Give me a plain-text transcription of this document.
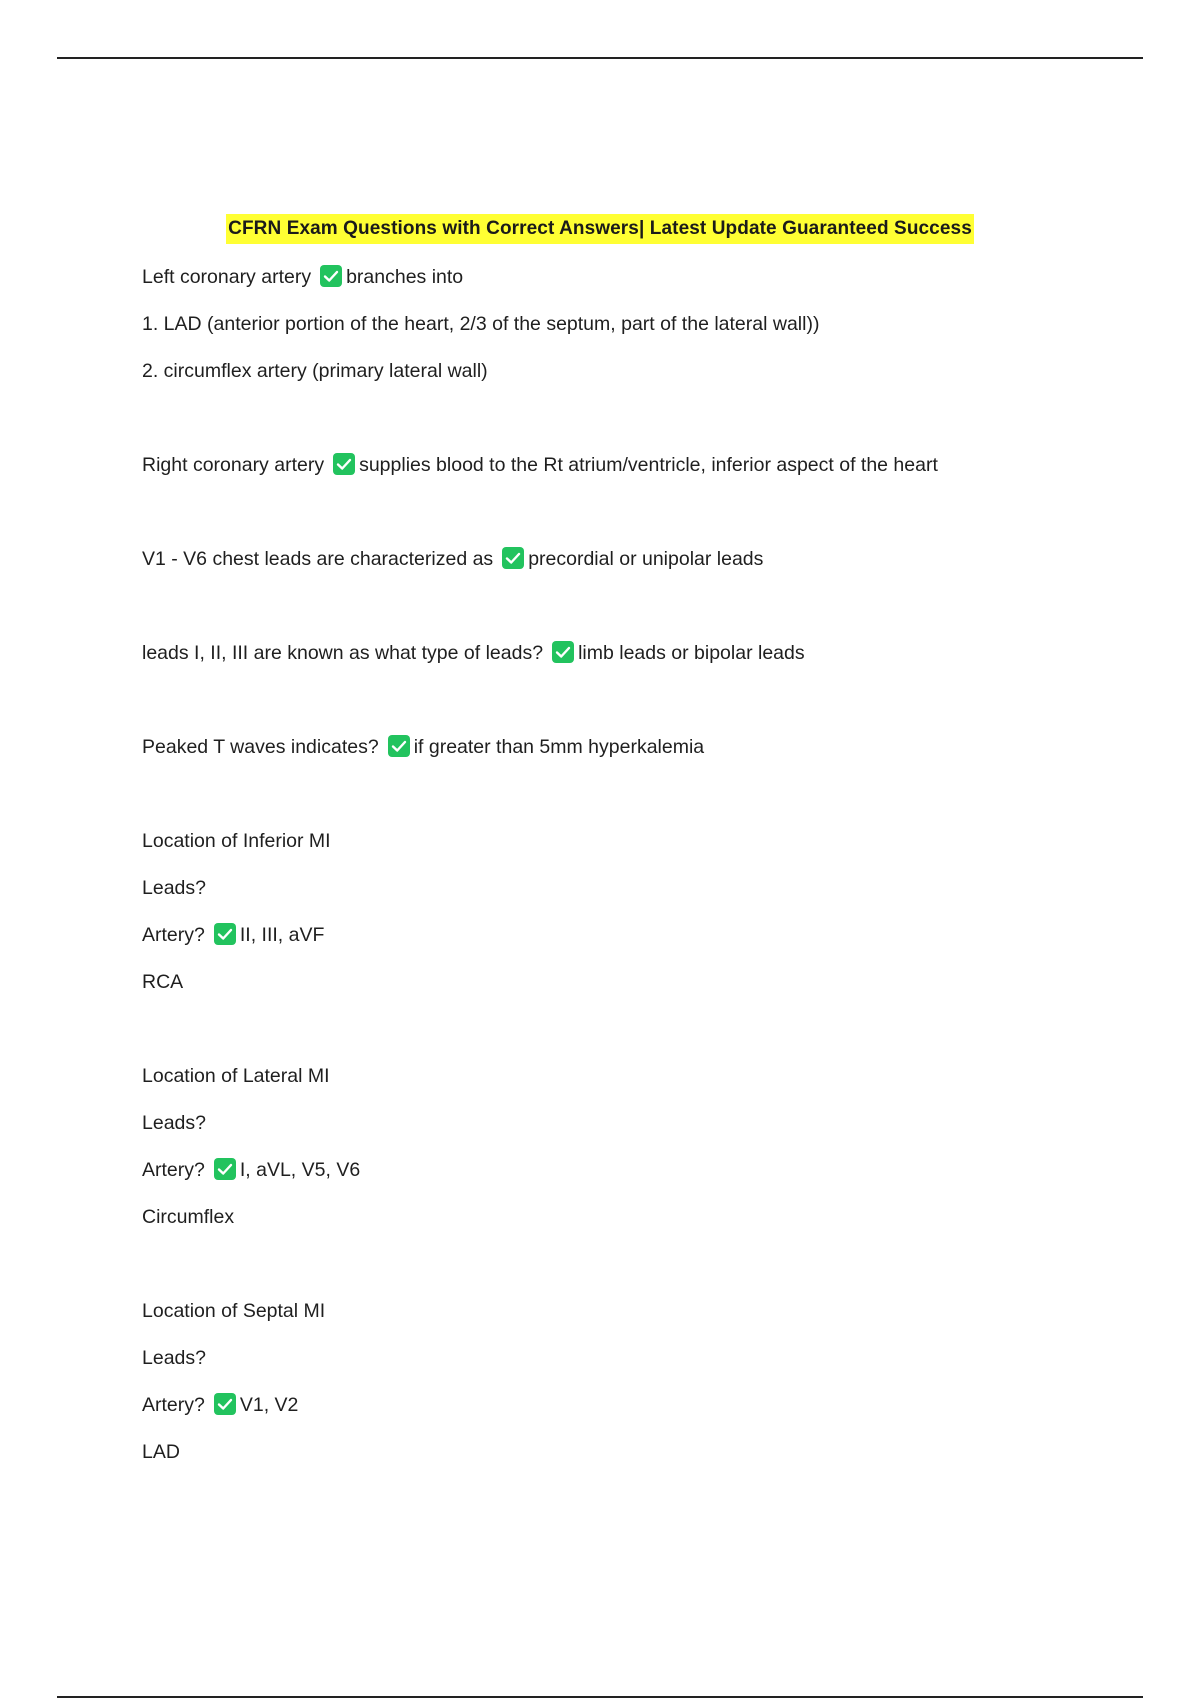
CFRN Exam Questions with Correct Answers| Latest Update Guaranteed Success
Left coronary artery branches into
1. LAD (anterior portion of the heart, 2/3 of the septum, part of the lateral wall))
2. circumflex artery (primary lateral wall)
Right coronary artery supplies blood to the Rt atrium/ventricle, inferior aspect of the heart
V1 - V6 chest leads are characterized as precordial or unipolar leads
leads I, II, III are known as what type of leads? limb leads or bipolar leads
Peaked T waves indicates? if greater than 5mm hyperkalemia
Location of Inferior MI
Leads?
Artery? II, III, aVF
RCA
Location of Lateral MI
Leads?
Artery? I, aVL, V5, V6
Circumflex
Location of Septal MI
Leads?
Artery? V1, V2
LAD
